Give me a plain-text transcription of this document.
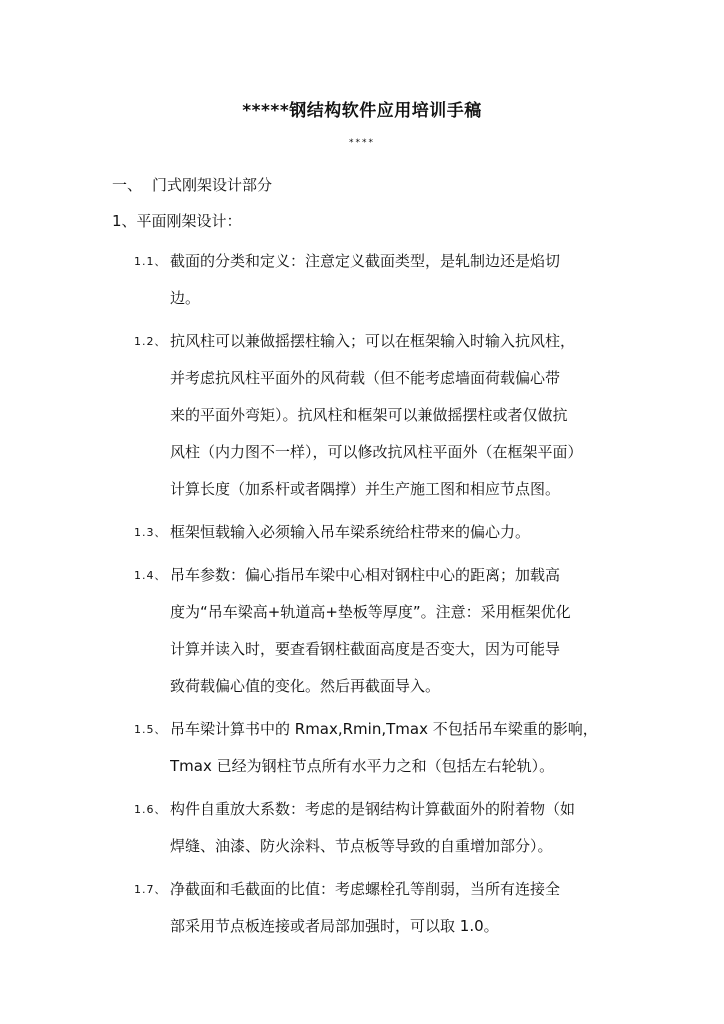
*****钢结构软件应用培训手稿
****
一、 门式刚架设计部分
1、平面刚架设计：
1.1、 截面的分类和定义：注意定义截面类型，是轧制边还是焰切
边。
1.2、 抗风柱可以兼做摇摆柱输入；可以在框架输入时输入抗风柱，
并考虑抗风柱平面外的风荷载（但不能考虑墙面荷载偏心带
来的平面外弯矩）。抗风柱和框架可以兼做摇摆柱或者仅做抗
风柱（内力图不一样），可以修改抗风柱平面外（在框架平面）
计算长度（加系杆或者隅撑）并生产施工图和相应节点图。
1.3、 框架恒载输入必须输入吊车梁系统给柱带来的偏心力。
1.4、 吊车参数：偏心指吊车梁中心相对钢柱中心的距离；加载高
度为“吊车梁高+轨道高+垫板等厚度”。注意：采用框架优化
计算并读入时，要查看钢柱截面高度是否变大，因为可能导
致荷载偏心值的变化。然后再截面导入。
1.5、 吊车梁计算书中的 Rmax,Rmin,Tmax 不包括吊车梁重的影响，
Tmax 已经为钢柱节点所有水平力之和（包括左右轮轨）。
1.6、 构件自重放大系数：考虑的是钢结构计算截面外的附着物（如
焊缝、油漆、防火涂料、节点板等导致的自重增加部分）。
1.7、 净截面和毛截面的比值：考虑螺栓孔等削弱，当所有连接全
部采用节点板连接或者局部加强时，可以取 1.0。
